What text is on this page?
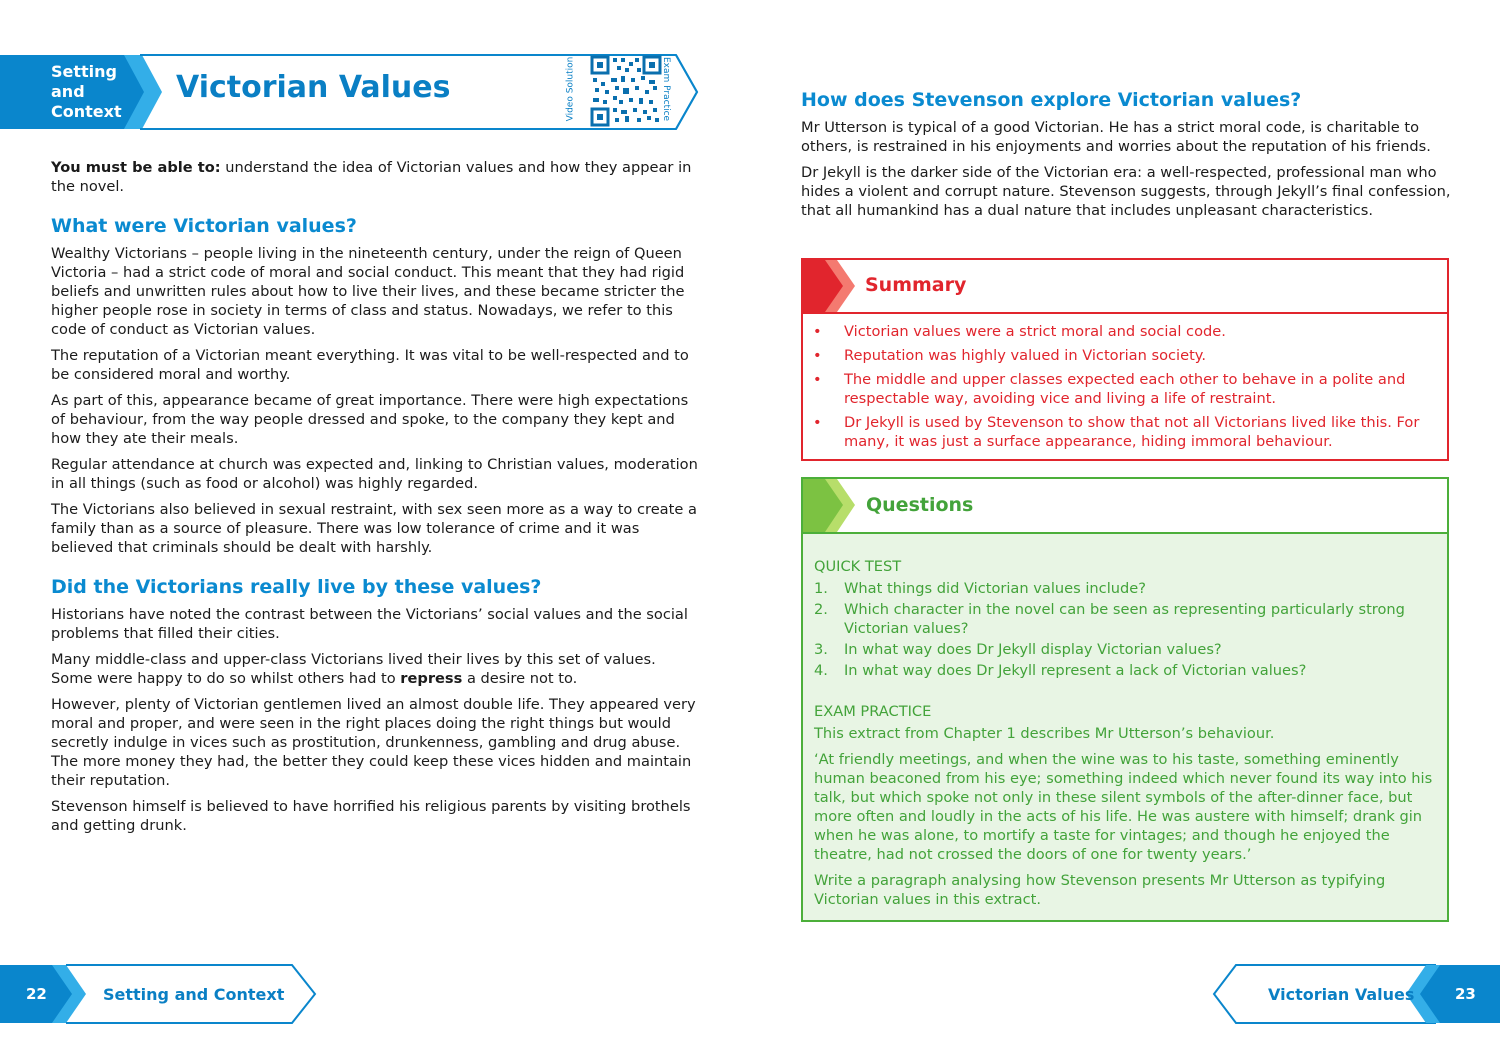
Setting
and
Context
Victorian Values	Video Solution	Exam Practice

You must be able to: understand the idea of Victorian values and how they appear in the novel.

What were Victorian values?

Wealthy Victorians – people living in the nineteenth century, under the reign of Queen Victoria – had a strict code of moral and social conduct. This meant that they had rigid beliefs and unwritten rules about how to live their lives, and these became stricter the higher people rose in society in terms of class and status. Nowadays, we refer to this code of conduct as Victorian values.

The reputation of a Victorian meant everything. It was vital to be well-respected and to be considered moral and worthy.

As part of this, appearance became of great importance. There were high expectations of behaviour, from the way people dressed and spoke, to the company they kept and how they ate their meals.

Regular attendance at church was expected and, linking to Christian values, moderation in all things (such as food or alcohol) was highly regarded.

The Victorians also believed in sexual restraint, with sex seen more as a way to create a family than as a source of pleasure. There was low tolerance of crime and it was believed that criminals should be dealt with harshly.

Did the Victorians really live by these values?

Historians have noted the contrast between the Victorians’ social values and the social problems that filled their cities.

Many middle-class and upper-class Victorians lived their lives by this set of values. Some were happy to do so whilst others had to repress a desire not to.

However, plenty of Victorian gentlemen lived an almost double life. They appeared very moral and proper, and were seen in the right places doing the right things but would secretly indulge in vices such as prostitution, drunkenness, gambling and drug abuse. The more money they had, the better they could keep these vices hidden and maintain their reputation.

Stevenson himself is believed to have horrified his religious parents by visiting brothels and getting drunk.

How does Stevenson explore Victorian values?

Mr Utterson is typical of a good Victorian. He has a strict moral code, is charitable to others, is restrained in his enjoyments and worries about the reputation of his friends.

Dr Jekyll is the darker side of the Victorian era: a well-respected, professional man who hides a violent and corrupt nature. Stevenson suggests, through Jekyll’s final confession, that all humankind has a dual nature that includes unpleasant characteristics.

Summary
• Victorian values were a strict moral and social code.
• Reputation was highly valued in Victorian society.
• The middle and upper classes expected each other to behave in a polite and respectable way, avoiding vice and living a life of restraint.
• Dr Jekyll is used by Stevenson to show that not all Victorians lived like this. For many, it was just a surface appearance, hiding immoral behaviour.
Questions
QUICK TEST
1. What things did Victorian values include?
2. Which character in the novel can be seen as representing particularly strong Victorian values?
3. In what way does Dr Jekyll display Victorian values?
4. In what way does Dr Jekyll represent a lack of Victorian values?
EXAM PRACTICE

This extract from Chapter 1 describes Mr Utterson’s behaviour.

‘At friendly meetings, and when the wine was to his taste, something eminently human beaconed from his eye; something indeed which never found its way into his talk, but which spoke not only in these silent symbols of the after-dinner face, but more often and loudly in the acts of his life. He was austere with himself; drank gin when he was alone, to mortify a taste for vintages; and though he enjoyed the theatre, had not crossed the doors of one for twenty years.’

Write a paragraph analysing how Stevenson presents Mr Utterson as typifying Victorian values in this extract.

22	Setting and Context	Victorian Values	23
